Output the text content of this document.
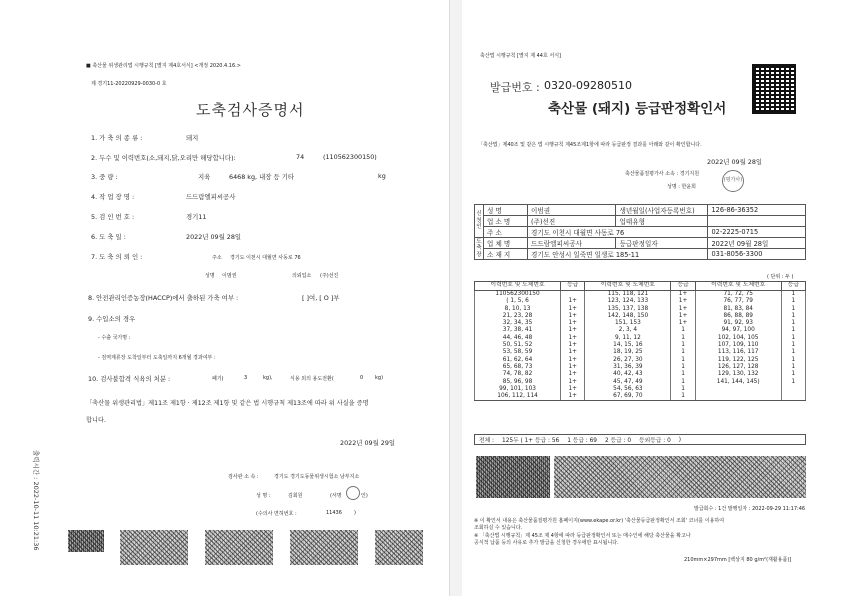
■ 축산물 위생관리법 시행규칙 [별지 제4호서식] <개정 2020.4.16.>
제 경기11-20220929-0030-0 호
도축검사증명서
1. 가 축 의 종 류 :	돼지
2. 두수 및 이력번호(소,돼지,닭,오리만 해당합니다):	74	(110562300150)
3. 중 량 :	지육	6468 kg, 내장 등 기타	kg
4. 작 업 장 명 :	드드람엘피씨공사
5. 검 인 번 호 :	경기11
6. 도 축 일 :	2022년 09월 28일
7. 도 축 의 뢰 인 :	주소 경기도 이천시 대월면 사동로 76
성명 이범권	의뢰업소 (주)선진
8. 안전관리인증농장(HACCP)에서 출하된 가축 여부 :	[ ]여, [ O ]부
9. 수입소의 경우
- 수출 국가명 :
- 검역계류장 도착일부터 도축일까지 6개월 경과여부 :
10. 검사불합격 식육의 처분 :	폐기(	3	kg),	식용 외의 용도전환(	0 kg)
「축산물 위생관리법」제11조 제1항 · 제12조 제1항 및 같은 법 시행규칙 제13조에 따라 위 사실을 증명
합니다.
2022년 09월 29일
검사관 소 속 :	경기도 경기도동물위생시험소 남부지소
성 명 :	김회원	(서명	인)
(수의사 면허번호 :	11436 )
출력시간 : 2022-10-11 10:21:36
축산법 시행규칙 [별지 제 44호 서식]
발급번호 : 0320-09280510
축산물 (돼지) 등급판정확인서
「축산법」제40조 및 같은 법 시행규칙 제45조제1항에 따라 등급판정 결과를 아래와 같이 확인합니다.
2022년 09월 28일
축산물품질평가사 소속 : 경기지원
성명 : 한윤희
(평가사)
신청인	성 명	이범권	생년월일(사업자등록번호)	126-86-36352
	업 소 명	(주)선진	업태유형	
	주 소	경기도 이천시 대월면 사동로 76		02-2225-0715
도축장	업 체 명	드드람엘피씨공사	등급판정일자	2022년 09월 28일
	소 재 지	경기도 안성시 일죽면 일생로 185-11		031-8056-3300
( 단위 : 두 )
이력번호 및 도체번호	등급	이력번호 및 도체번호	등급	이력번호 및 도체번호	등급
110562300150		115, 118, 121	1+	71, 72, 75	1
( 1, 5, 6	1+	123, 124, 133	1+	76, 77, 79	1
8, 10, 13	1+	135, 137, 138	1+	81, 83, 84	1
21, 23, 28	1+	142, 148, 150	1+	86, 88, 89	1
32, 34, 35	1+	151, 153	1+	91, 92, 93	1
37, 38, 41	1+	2, 3, 4	1	94, 97, 100	1
44, 46, 48	1+	9, 11, 12	1	102, 104, 105	1
50, 51, 52	1+	14, 15, 16	1	107, 109, 110	1
53, 58, 59	1+	18, 19, 25	1	113, 116, 117	1
61, 62, 64	1+	26, 27, 30	1	119, 122, 125	1
65, 68, 73	1+	31, 36, 39	1	126, 127, 128	1
74, 78, 82	1+	40, 42, 43	1	129, 130, 132	1
85, 96, 98	1+	45, 47, 49	1	141, 144, 145)	1
99, 101, 103	1+	54, 56, 63	1		
106, 112, 114	1+	67, 69, 70	1		
전체 : 125두 ( 1+ 등급 : 56 1 등급 : 69 2 등급 : 0 등외등급 : 0 )
발급회수 : 1건 발행일자 : 2022-09-29 11:17:46
※ 이 확인서 내용은 축산물품질평가원 홈페이지(www.ekape.or.kr) '축산물등급판정확인서 조회' 코너를 이용하여
조회하실 수 있습니다.
※ 「축산법 시행규칙」제 45조 제 4항에 따라 등급판정확인서 또는 매수인에 해당 축산물을 확고나
공식적 납품 등의 사유로 추가 발급을 신청한 경우에만 표시됩니다.
210mm×297mm [백상지 80 g/m²(재활용품)]
